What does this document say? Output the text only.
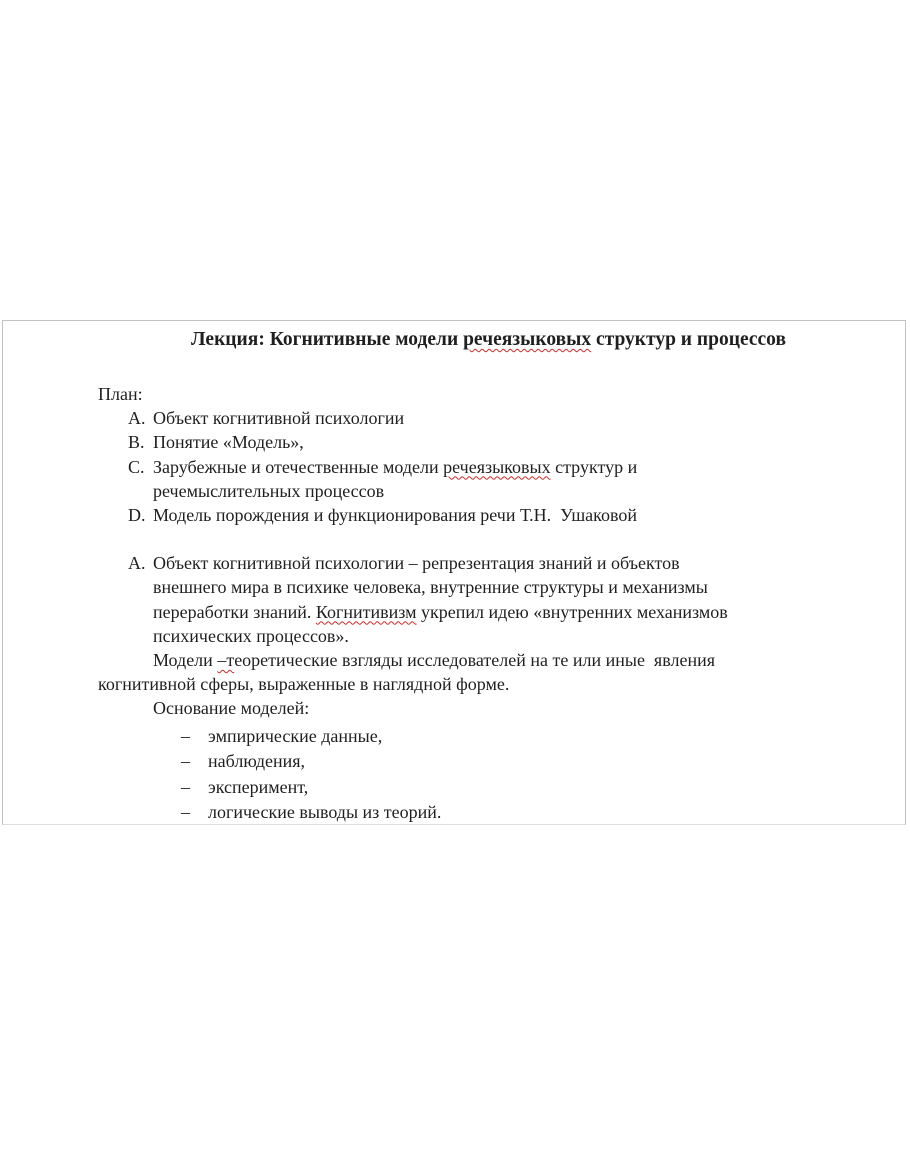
Лекция: Когнитивные модели речеязыковых структур и процессов
План:
A. Объект когнитивной психологии
B. Понятие «Модель»,
C. Зарубежные и отечественные модели речеязыковых структур и
речемыслительных процессов
D. Модель порождения и функционирования речи Т.Н.  Ушаковой
A. Объект когнитивной психологии – репрезентация знаний и объектов
внешнего мира в психике человека, внутренние структуры и механизмы
переработки знаний. Когнитивизм укрепил идею «внутренних механизмов
психических процессов».
Модели –теоретические взгляды исследователей на те или иные  явления
когнитивной сферы, выраженные в наглядной форме.
Основание моделей:
– эмпирические данные,
– наблюдения,
– эксперимент,
– логические выводы из теорий.
